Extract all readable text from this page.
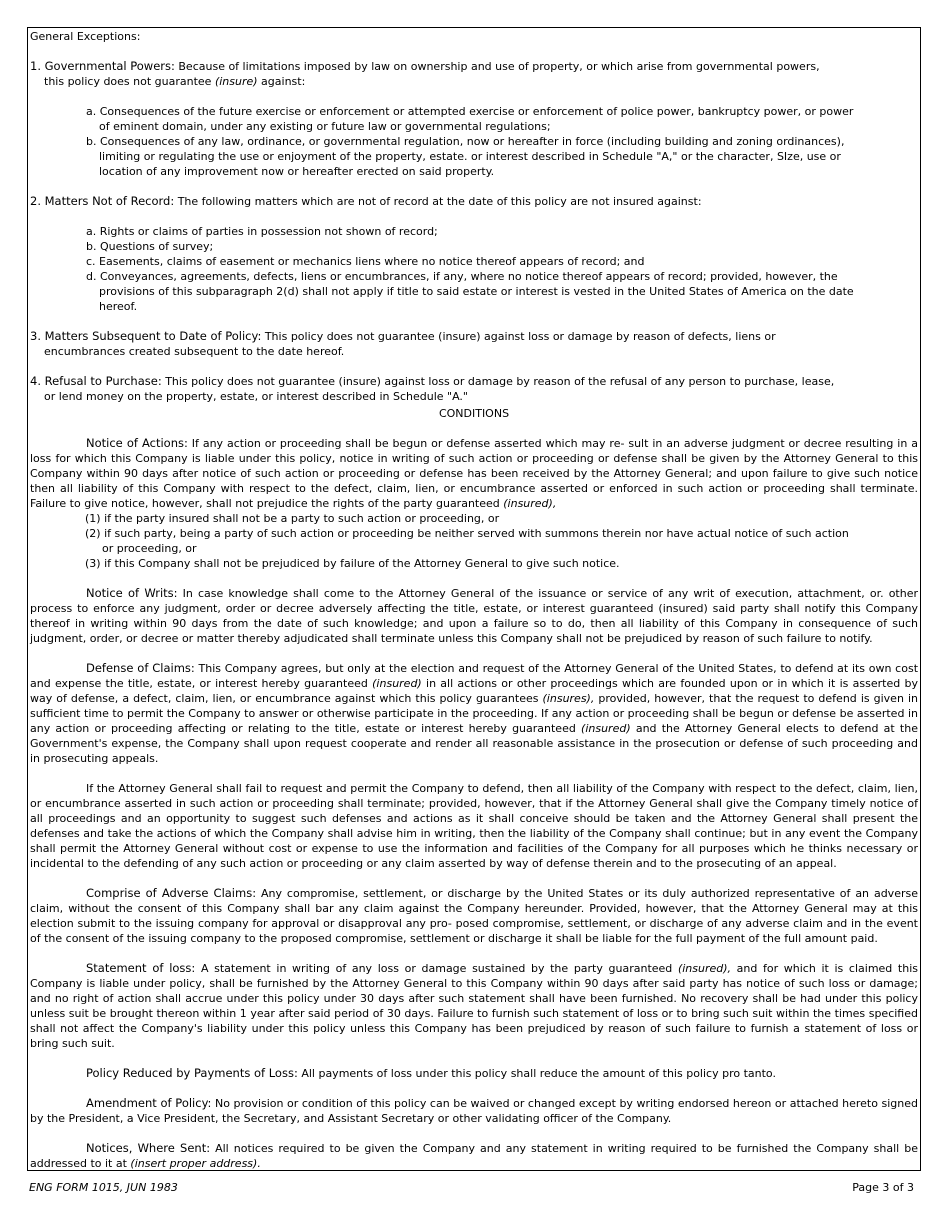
General Exceptions:

1. Governmental Powers: Because of limitations imposed by law on ownership and use of property, or which arise from governmental powers, this policy does not guarantee (insure) against:

a. Consequences of the future exercise or enforcement or attempted exercise or enforcement of police power, bankruptcy power, or power of eminent domain, under any existing or future law or governmental regulations;

b. Consequences of any law, ordinance, or governmental regulation, now or hereafter in force (including building and zoning ordinances), limiting or regulating the use or enjoyment of the property, estate. or interest described in Schedule "A," or the character, SIze, use or location of any improvement now or hereafter erected on said property.

2. Matters Not of Record: The following matters which are not of record at the date of this policy are not insured against:

a. Rights or claims of parties in possession not shown of record;

b. Questions of survey;

c. Easements, claims of easement or mechanics liens where no notice thereof appears of record; and

d. Conveyances, agreements, defects, liens or encumbrances, if any, where no notice thereof appears of record; provided, however, the provisions of this subparagraph 2(d) shall not apply if title to said estate or interest is vested in the United States of America on the date hereof.

3. Matters Subsequent to Date of Policy: This policy does not guarantee (insure) against loss or damage by reason of defects, liens or encumbrances created subsequent to the date hereof.

4. Refusal to Purchase: This policy does not guarantee (insure) against loss or damage by reason of the refusal of any person to purchase, lease, or lend money on the property, estate, or interest described in Schedule "A."

CONDITIONS

Notice of Actions: If any action or proceeding shall be begun or defense asserted which may re- sult in an adverse judgment or decree resulting in a loss for which this Company is liable under this policy, notice in writing of such action or proceeding or defense shall be given by the Attorney General to this Company within 90 days after notice of such action or proceeding or defense has been received by the Attorney General; and upon failure to give such notice then all liability of this Company with respect to the defect, claim, lien, or encumbrance asserted or enforced in such action or proceeding shall terminate. Failure to give notice, however, shall not prejudice the rights of the party guaranteed (insured),

(1) if the party insured shall not be a party to such action or proceeding, or

(2) if such party, being a party of such action or proceeding be neither served with summons therein nor have actual notice of such action or proceeding, or

(3) if this Company shall not be prejudiced by failure of the Attorney General to give such notice.

Notice of Writs: In case knowledge shall come to the Attorney General of the issuance or service of any writ of execution, attachment, or. other process to enforce any judgment, order or decree adversely affecting the title, estate, or interest guaranteed (insured) said party shall notify this Company thereof in writing within 90 days from the date of such knowledge; and upon a failure so to do, then all liability of this Company in consequence of such judgment, order, or decree or matter thereby adjudicated shall terminate unless this Company shall not be prejudiced by reason of such failure to notify.

Defense of Claims: This Company agrees, but only at the election and request of the Attorney General of the United States, to defend at its own cost and expense the title, estate, or interest hereby guaranteed (insured) in all actions or other proceedings which are founded upon or in which it is asserted by way of defense, a defect, claim, lien, or encumbrance against which this policy guarantees (insures), provided, however, that the request to defend is given in sufficient time to permit the Company to answer or otherwise participate in the proceeding. If any action or proceeding shall be begun or defense be asserted in any action or proceeding affecting or relating to the title, estate or interest hereby guaranteed (insured) and the Attorney General elects to defend at the Government's expense, the Company shall upon request cooperate and render all reasonable assistance in the prosecution or defense of such proceeding and in prosecuting appeals.

If the Attorney General shall fail to request and permit the Company to defend, then all liability of the Company with respect to the defect, claim, lien, or encumbrance asserted in such action or proceeding shall terminate; provided, however, that if the Attorney General shall give the Company timely notice of all proceedings and an opportunity to suggest such defenses and actions as it shall conceive should be taken and the Attorney General shall present the defenses and take the actions of which the Company shall advise him in writing, then the liability of the Company shall continue; but in any event the Company shall permit the Attorney General without cost or expense to use the information and facilities of the Company for all purposes which he thinks necessary or incidental to the defending of any such action or proceeding or any claim asserted by way of defense therein and to the prosecuting of an appeal.

Comprise of Adverse Claims: Any compromise, settlement, or discharge by the United States or its duly authorized representative of an adverse claim, without the consent of this Company shall bar any claim against the Company hereunder. Provided, however, that the Attorney General may at this election submit to the issuing company for approval or disapproval any pro- posed compromise, settlement, or discharge of any adverse claim and in the event of the consent of the issuing company to the proposed compromise, settlement or discharge it shall be liable for the full payment of the full amount paid.

Statement of loss: A statement in writing of any loss or damage sustained by the party guaranteed (insured), and for which it is claimed this Company is liable under policy, shall be furnished by the Attorney General to this Company within 90 days after said party has notice of such loss or damage; and no right of action shall accrue under this policy under 30 days after such statement shall have been furnished. No recovery shall be had under this policy unless suit be brought thereon within 1 year after said period of 30 days. Failure to furnish such statement of loss or to bring such suit within the times specified shall not affect the Company's liability under this policy unless this Company has been prejudiced by reason of such failure to furnish a statement of loss or bring such suit.

Policy Reduced by Payments of Loss: All payments of loss under this policy shall reduce the amount of this policy pro tanto.

Amendment of Policy: No provision or condition of this policy can be waived or changed except by writing endorsed hereon or attached hereto signed by the President, a Vice President, the Secretary, and Assistant Secretary or other validating officer of the Company.

Notices, Where Sent: All notices required to be given the Company and any statement in writing required to be furnished the Company shall be addressed to it at (insert proper address).

ENG FORM 1015, JUN 1983	Page 3 of 3
